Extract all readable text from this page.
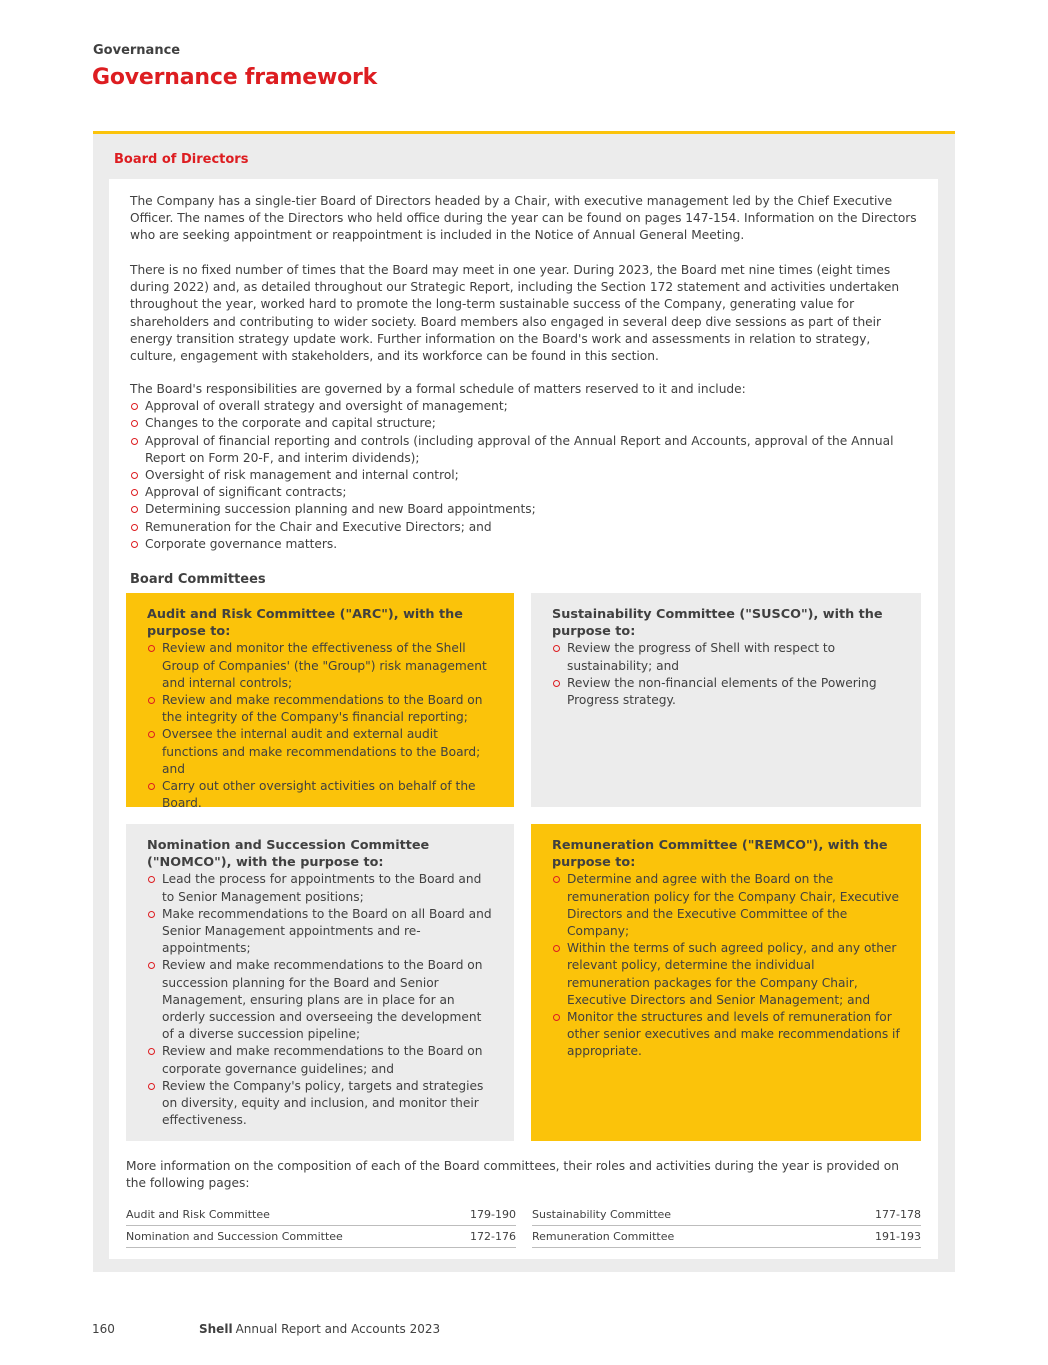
Governance
Governance framework
Board of Directors

The Company has a single-tier Board of Directors headed by a Chair, with executive management led by the Chief Executive Officer. The names of the Directors who held office during the year can be found on pages 147-154. Information on the Directors who are seeking appointment or reappointment is included in the Notice of Annual General Meeting.

There is no fixed number of times that the Board may meet in one year. During 2023, the Board met nine times (eight times during 2022) and, as detailed throughout our Strategic Report, including the Section 172 statement and activities undertaken throughout the year, worked hard to promote the long-term sustainable success of the Company, generating value for shareholders and contributing to wider society. Board members also engaged in several deep dive sessions as part of their energy transition strategy update work. Further information on the Board's work and assessments in relation to strategy, culture, engagement with stakeholders, and its workforce can be found in this section.

The Board's responsibilities are governed by a formal schedule of matters reserved to it and include:

Approval of overall strategy and oversight of management;
Changes to the corporate and capital structure;
Approval of financial reporting and controls (including approval of the Annual Report and Accounts, approval of the Annual Report on Form 20-F, and interim dividends);
Oversight of risk management and internal control;
Approval of significant contracts;
Determining succession planning and new Board appointments;
Remuneration for the Chair and Executive Directors; and
Corporate governance matters.
Board Committees
Audit and Risk Committee ("ARC"), with the purpose to:
Review and monitor the effectiveness of the Shell Group of Companies' (the "Group") risk management and internal controls;
Review and make recommendations to the Board on the integrity of the Company's financial reporting;
Oversee the internal audit and external audit functions and make recommendations to the Board; and
Carry out other oversight activities on behalf of the Board.
Sustainability Committee ("SUSCO"), with the purpose to:
Review the progress of Shell with respect to sustainability; and
Review the non-financial elements of the Powering Progress strategy.
Nomination and Succession Committee ("NOMCO"), with the purpose to:
Lead the process for appointments to the Board and to Senior Management positions;
Make recommendations to the Board on all Board and Senior Management appointments and re-appointments;
Review and make recommendations to the Board on succession planning for the Board and Senior Management, ensuring plans are in place for an orderly succession and overseeing the development of a diverse succession pipeline;
Review and make recommendations to the Board on corporate governance guidelines; and
Review the Company's policy, targets and strategies on diversity, equity and inclusion, and monitor their effectiveness.
Remuneration Committee ("REMCO"), with the purpose to:
Determine and agree with the Board on the remuneration policy for the Company Chair, Executive Directors and the Executive Committee of the Company;
Within the terms of such agreed policy, and any other relevant policy, determine the individual remuneration packages for the Company Chair, Executive Directors and Senior Management; and
Monitor the structures and levels of remuneration for other senior executives and make recommendations if appropriate.

More information on the composition of each of the Board committees, their roles and activities during the year is provided on the following pages:

Audit and Risk Committee	179-190
Nomination and Succession Committee	172-176
Sustainability Committee	177-178
Remuneration Committee	191-193
160	Shell Annual Report and Accounts 2023
